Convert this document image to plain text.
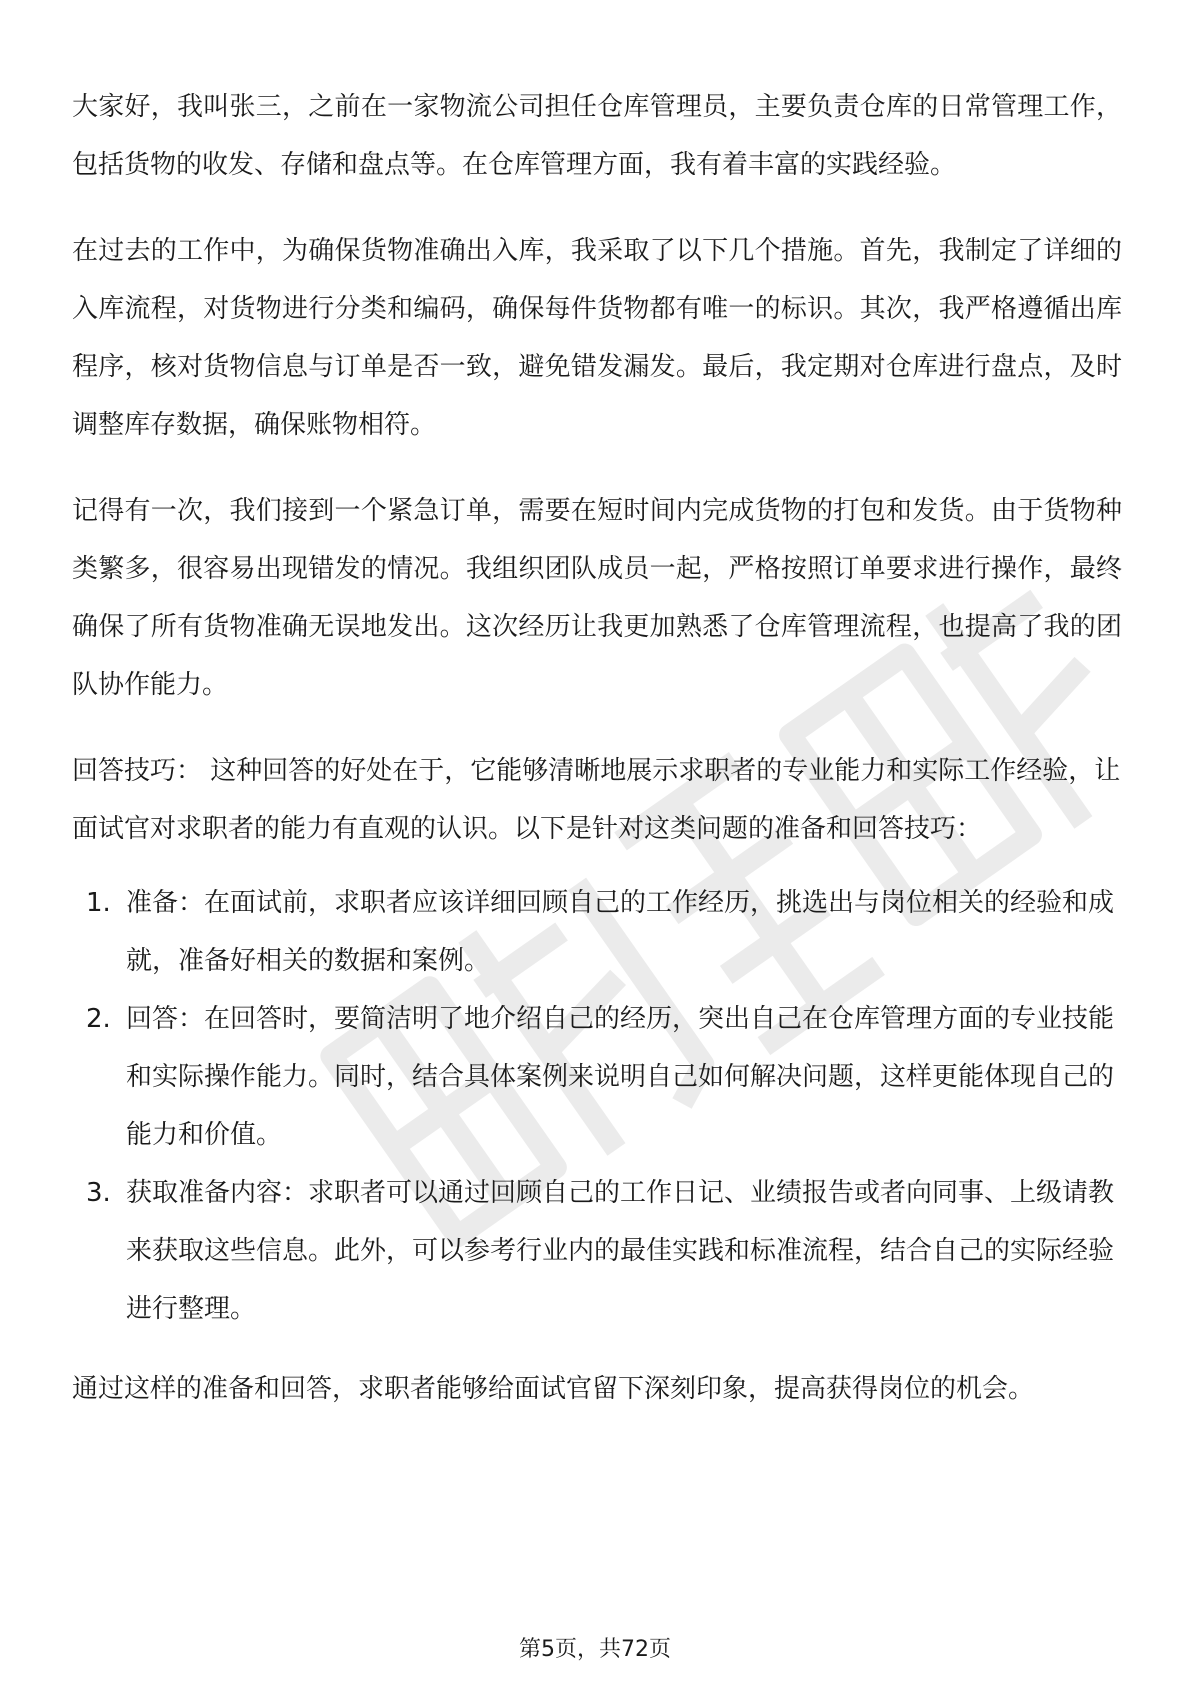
大家好，我叫张三，之前在一家物流公司担任仓库管理员，主要负责仓库的日常管理工作，包括货物的收发、存储和盘点等。在仓库管理方面，我有着丰富的实践经验。

在过去的工作中，为确保货物准确出入库，我采取了以下几个措施。首先，我制定了详细的入库流程，对货物进行分类和编码，确保每件货物都有唯一的标识。其次，我严格遵循出库程序，核对货物信息与订单是否一致，避免错发漏发。最后，我定期对仓库进行盘点，及时调整库存数据，确保账物相符。

记得有一次，我们接到一个紧急订单，需要在短时间内完成货物的打包和发货。由于货物种类繁多，很容易出现错发的情况。我组织团队成员一起，严格按照订单要求进行操作，最终确保了所有货物准确无误地发出。这次经历让我更加熟悉了仓库管理流程，也提高了我的团队协作能力。

回答技巧： 这种回答的好处在于，它能够清晰地展示求职者的专业能力和实际工作经验，让面试官对求职者的能力有直观的认识。以下是针对这类问题的准备和回答技巧：

1. 准备：在面试前，求职者应该详细回顾自己的工作经历，挑选出与岗位相关的经验和成就，准备好相关的数据和案例。
2. 回答：在回答时，要简洁明了地介绍自己的经历，突出自己在仓库管理方面的专业技能和实际操作能力。同时，结合具体案例来说明自己如何解决问题，这样更能体现自己的能力和价值。
3. 获取准备内容：求职者可以通过回顾自己的工作日记、业绩报告或者向同事、上级请教来获取这些信息。此外，可以参考行业内的最佳实践和标准流程，结合自己的实际经验进行整理。

通过这样的准备和回答，求职者能够给面试官留下深刻印象，提高获得岗位的机会。

第5页，共72页
